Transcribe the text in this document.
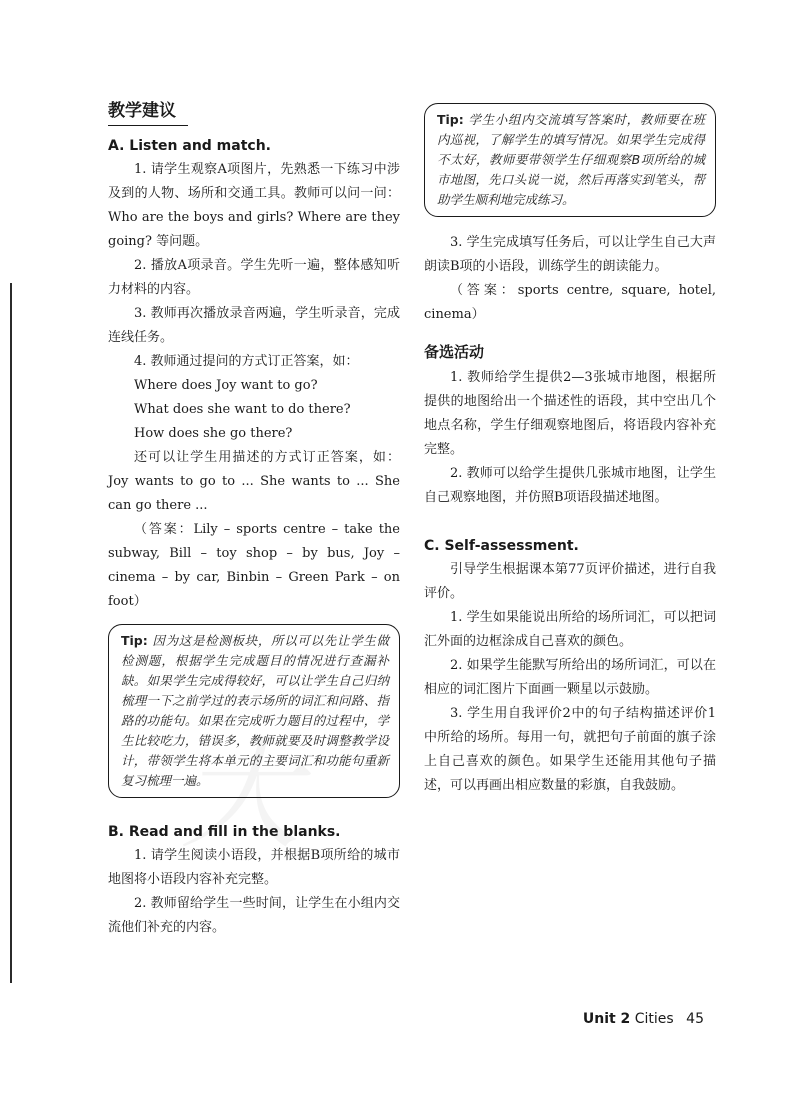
教学建议
A. Listen and match.

1. 请学生观察A项图片，先熟悉一下练习中涉及到的人物、场所和交通工具。教师可以问一问：Who are the boys and girls? Where are they going? 等问题。

2. 播放A项录音。学生先听一遍，整体感知听力材料的内容。

3. 教师再次播放录音两遍，学生听录音，完成连线任务。

4. 教师通过提问的方式订正答案，如：

Where does Joy want to go?

What does she want to do there?

How does she go there?

还可以让学生用描述的方式订正答案，如：Joy wants to go to ... She wants to ... She can go there ...

（答案：Lily – sports centre – take the subway, Bill – toy shop – by bus, Joy – cinema – by car, Binbin – Green Park – on foot）

Tip: 因为这是检测板块，所以可以先让学生做检测题，根据学生完成题目的情况进行查漏补缺。如果学生完成得较好，可以让学生自己归纳梳理一下之前学过的表示场所的词汇和问路、指路的功能句。如果在完成听力题目的过程中，学生比较吃力，错误多，教师就要及时调整教学设计，带领学生将本单元的主要词汇和功能句重新复习梳理一遍。
B. Read and fill in the blanks.

1. 请学生阅读小语段，并根据B项所给的城市地图将小语段内容补充完整。

2. 教师留给学生一些时间，让学生在小组内交流他们补充的内容。

Tip: 学生小组内交流填写答案时，教师要在班内巡视，了解学生的填写情况。如果学生完成得不太好，教师要带领学生仔细观察B项所给的城市地图，先口头说一说，然后再落实到笔头，帮助学生顺利地完成练习。

3. 学生完成填写任务后，可以让学生自己大声朗读B项的小语段，训练学生的朗读能力。

（答案：sports centre, square, hotel, cinema）

备选活动

1. 教师给学生提供2—3张城市地图，根据所提供的地图给出一个描述性的语段，其中空出几个地点名称，学生仔细观察地图后，将语段内容补充完整。

2. 教师可以给学生提供几张城市地图，让学生自己观察地图，并仿照B项语段描述地图。

C. Self-assessment.

引导学生根据课本第77页评价描述，进行自我评价。

1. 学生如果能说出所给的场所词汇，可以把词汇外面的边框涂成自己喜欢的颜色。

2. 如果学生能默写所给出的场所词汇，可以在相应的词汇图片下面画一颗星以示鼓励。

3. 学生用自我评价2中的句子结构描述评价1中所给的场所。每用一句，就把句子前面的旗子涂上自己喜欢的颜色。如果学生还能用其他句子描述，可以再画出相应数量的彩旗，自我鼓励。

Unit 2 Cities 45
